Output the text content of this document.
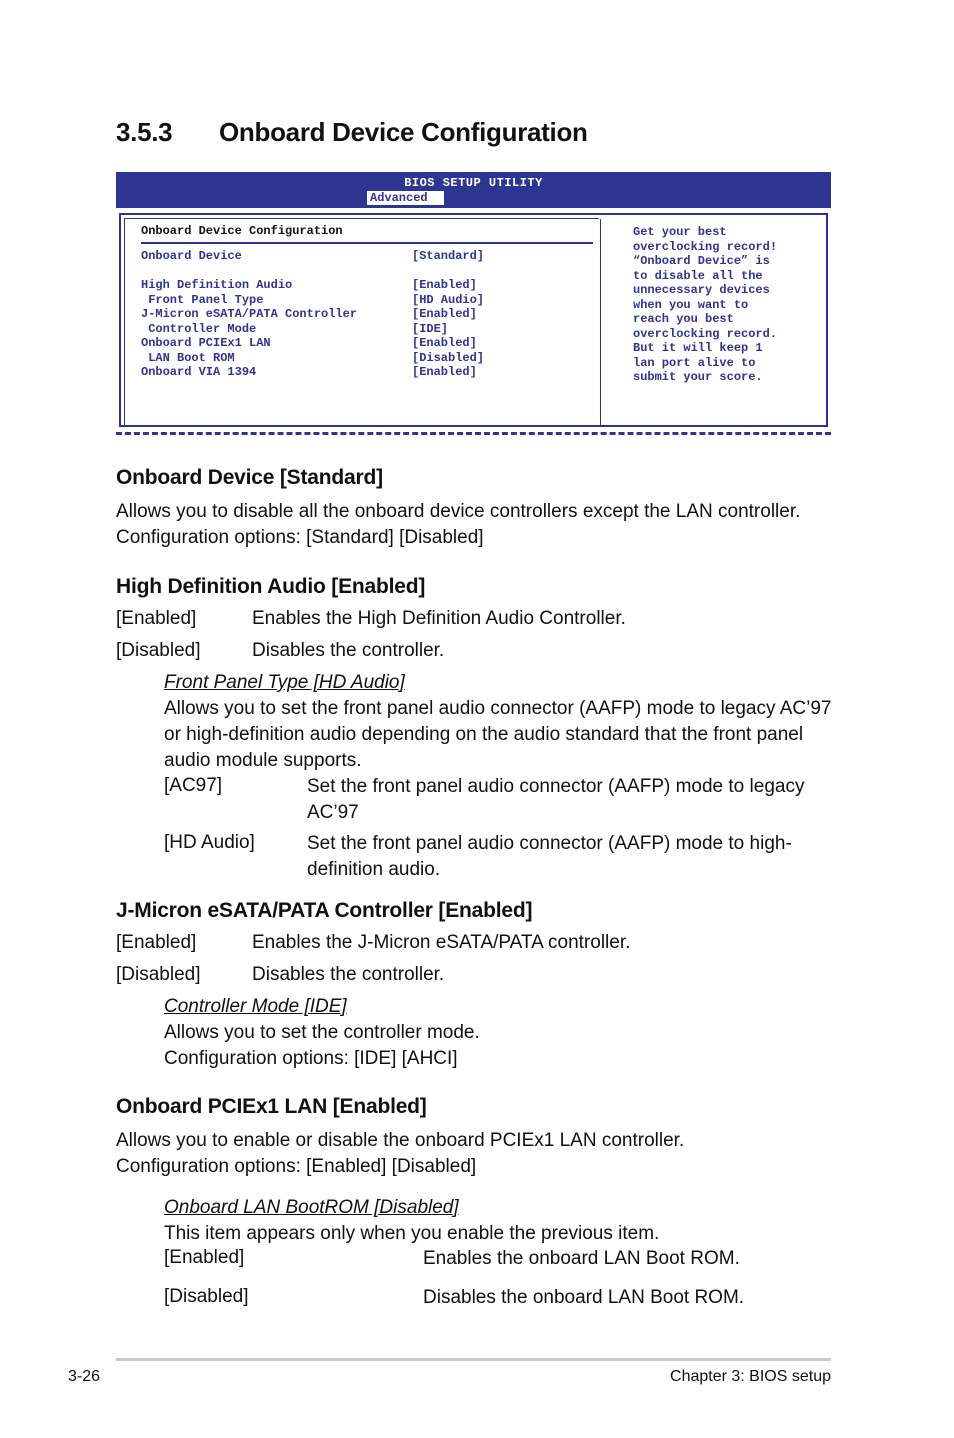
3.5.3 Onboard Device Configuration
BIOS SETUP UTILITY
Advanced
Onboard Device Configuration
Onboard Device	[Standard]
High Definition Audio	[Enabled]
Front Panel Type	[HD Audio]
J-Micron eSATA/PATA Controller	[Enabled]
Controller Mode	[IDE]
Onboard PCIEx1 LAN	[Enabled]
LAN Boot ROM	[Disabled]
Onboard VIA 1394	[Enabled]
Get your best
overclocking record!
“Onboard Device” is
to disable all the
unnecessary devices
when you want to
reach you best
overclocking record.
But it will keep 1
lan port alive to
submit your score.
Onboard Device [Standard]
Allows you to disable all the onboard device controllers except the LAN controller.
Configuration options: [Standard] [Disabled]
High Definition Audio [Enabled]
[Enabled]	Enables the High Definition Audio Controller.
[Disabled]	Disables the controller.
Front Panel Type [HD Audio]
Allows you to set the front panel audio connector (AAFP) mode to legacy AC’97 or high-definition audio depending on the audio standard that the front panel audio module supports.
[AC97]	Set the front panel audio connector (AAFP) mode to legacy AC’97
[HD Audio]	Set the front panel audio connector (AAFP) mode to high-definition audio.
J-Micron eSATA/PATA Controller [Enabled]
[Enabled]	Enables the J-Micron eSATA/PATA controller.
[Disabled]	Disables the controller.
Controller Mode [IDE]
Allows you to set the controller mode.
Configuration options: [IDE] [AHCI]
Onboard PCIEx1 LAN [Enabled]
Allows you to enable or disable the onboard PCIEx1 LAN controller.
Configuration options: [Enabled] [Disabled]
Onboard LAN BootROM [Disabled]
This item appears only when you enable the previous item.
[Enabled]	Enables the onboard LAN Boot ROM.
[Disabled]	Disables the onboard LAN Boot ROM.
3-26	Chapter 3: BIOS setup
